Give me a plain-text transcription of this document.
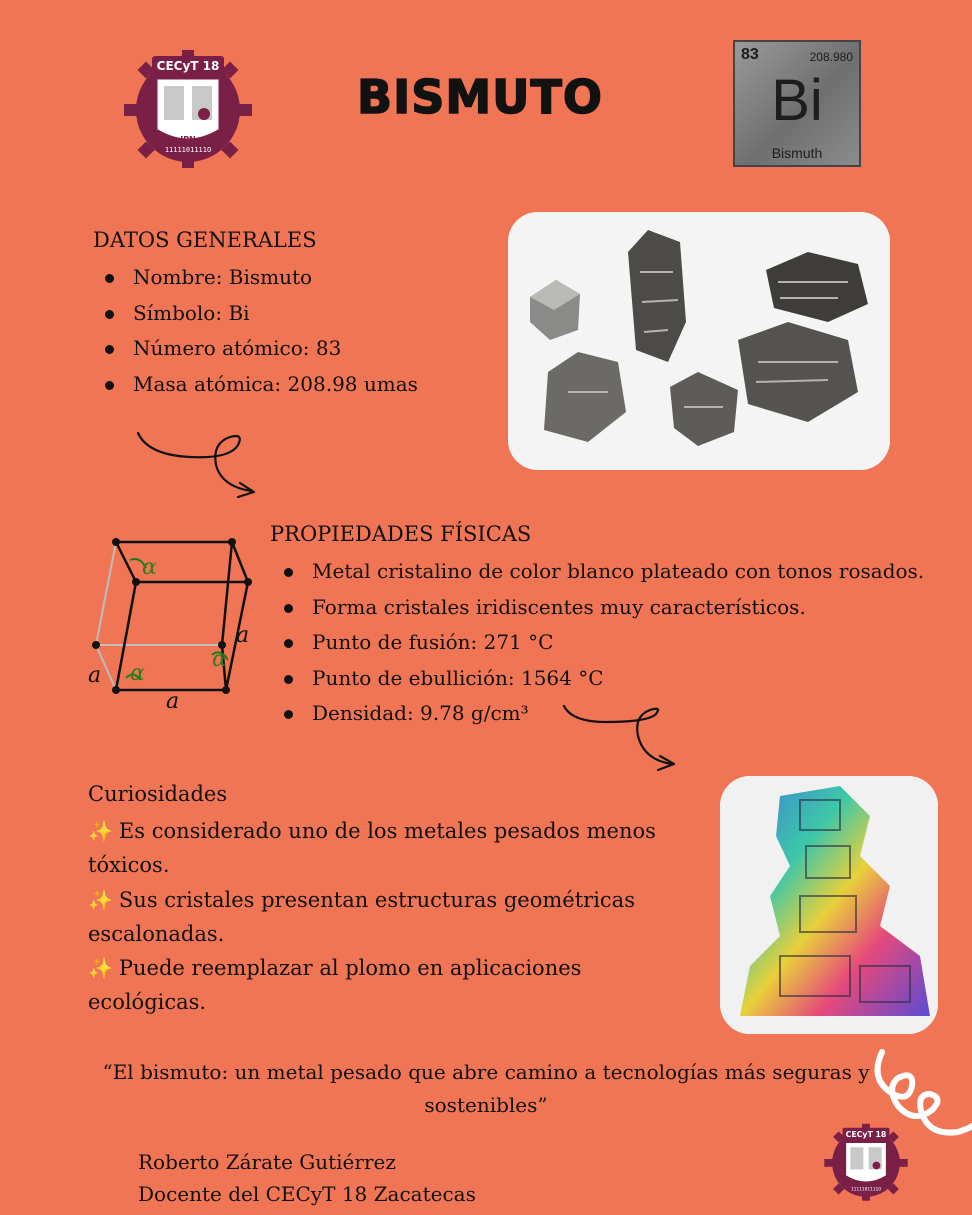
CECyT 18
IPN
1111101111O
BISMUTO
83	208.980
Bi
Bismuth
DATOS GENERALES
Nombre: Bismuto
Símbolo: Bi
Número atómico: 83
Masa atómica: 208.98 umas
α
α
α
a
a
a
PROPIEDADES FÍSICAS
Metal cristalino de color blanco plateado con tonos rosados.
Forma cristales iridiscentes muy característicos.
Punto de fusión: 271 °C
Punto de ebullición: 1564 °C
Densidad: 9.78 g/cm³
Curiosidades
✨ Es considerado uno de los metales pesados menos tóxicos.
✨ Sus cristales presentan estructuras geométricas escalonadas.
✨ Puede reemplazar al plomo en aplicaciones ecológicas.
“El bismuto: un metal pesado que abre camino a tecnologías más seguras y sostenibles”
Roberto Zárate Gutiérrez
Docente del CECyT 18 Zacatecas
CECyT 18
1111101111O
